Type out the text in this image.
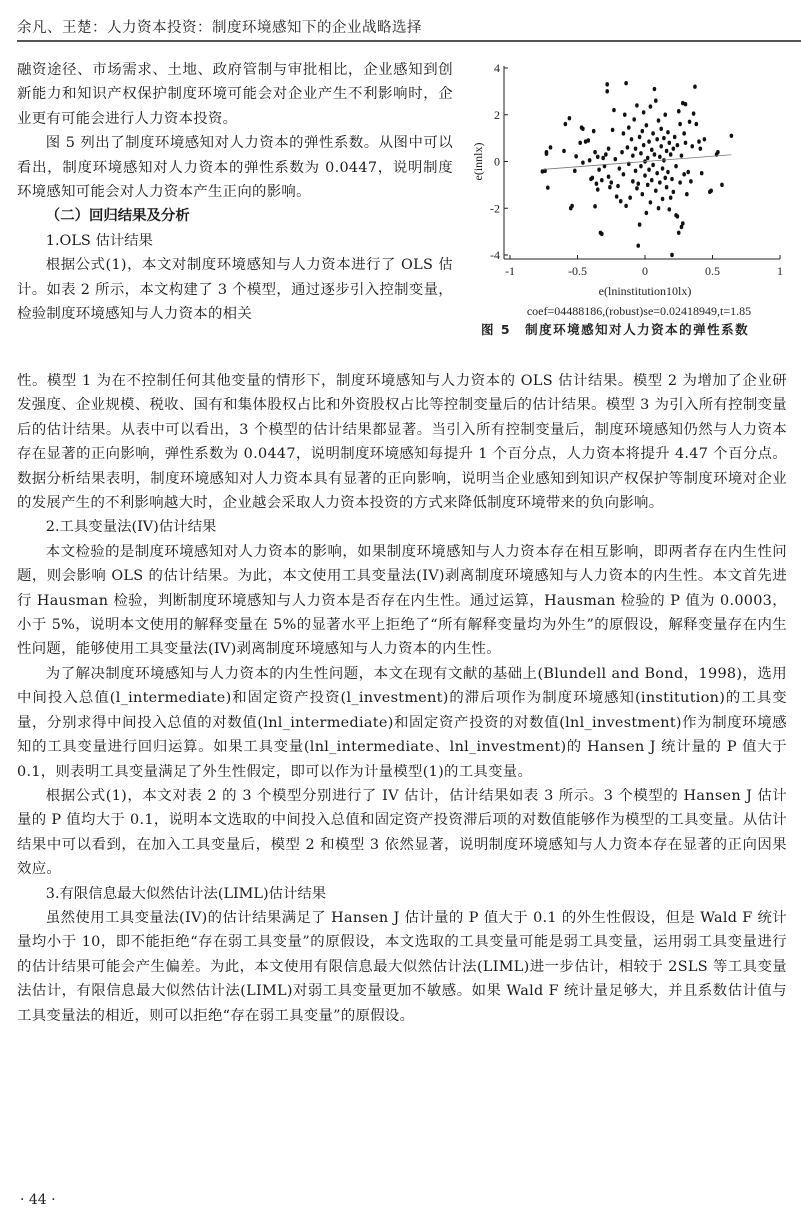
余凡、王楚：人力资本投资：制度环境感知下的企业战略选择

融资途径、市场需求、土地、政府管制与审批相比，企业感知到创新能力和知识产权保护制度环境可能会对企业产生不利影响时，企业更有可能会进行人力资本投资。

图 5 列出了制度环境感知对人力资本的弹性系数。从图中可以看出，制度环境感知对人力资本的弹性系数为 0.0447，说明制度环境感知可能会对人力资本产生正向的影响。

（二）回归结果及分析
1.OLS 估计结果

根据公式(1)，本文对制度环境感知与人力资本进行了 OLS 估计。如表 2 所示，本文构建了 3 个模型，通过逐步引入控制变量，检验制度环境感知与人力资本的相关

-4
-2
0
2
4
-1	-0.5	0	0.5	1
e(lninstitution10lx)
e(innlx)
coef=04488186,(robust)se=0.02418949,t=1.85
图 5 制度环境感知对人力资本的弹性系数

性。模型 1 为在不控制任何其他变量的情形下，制度环境感知与人力资本的 OLS 估计结果。模型 2 为增加了企业研发强度、企业规模、税收、国有和集体股权占比和外资股权占比等控制变量后的估计结果。模型 3 为引入所有控制变量后的估计结果。从表中可以看出，3 个模型的估计结果都显著。当引入所有控制变量后，制度环境感知仍然与人力资本存在显著的正向影响，弹性系数为 0.0447，说明制度环境感知每提升 1 个百分点，人力资本将提升 4.47 个百分点。数据分析结果表明，制度环境感知对人力资本具有显著的正向影响，说明当企业感知到知识产权保护等制度环境对企业的发展产生的不利影响越大时，企业越会采取人力资本投资的方式来降低制度环境带来的负向影响。

2.工具变量法(IV)估计结果

本文检验的是制度环境感知对人力资本的影响，如果制度环境感知与人力资本存在相互影响，即两者存在内生性问题，则会影响 OLS 的估计结果。为此，本文使用工具变量法(IV)剥离制度环境感知与人力资本的内生性。本文首先进行 Hausman 检验，判断制度环境感知与人力资本是否存在内生性。通过运算，Hausman 检验的 P 值为 0.0003，小于 5%，说明本文使用的解释变量在 5%的显著水平上拒绝了“所有解释变量均为外生”的原假设，解释变量存在内生性问题，能够使用工具变量法(IV)剥离制度环境感知与人力资本的内生性。

为了解决制度环境感知与人力资本的内生性问题，本文在现有文献的基础上(Blundell and Bond，1998)，选用中间投入总值(l_intermediate)和固定资产投资(l_investment)的滞后项作为制度环境感知(institution)的工具变量，分别求得中间投入总值的对数值(lnl_intermediate)和固定资产投资的对数值(lnl_investment)作为制度环境感知的工具变量进行回归运算。如果工具变量(lnl_intermediate、lnl_investment)的 Hansen J 统计量的 P 值大于 0.1，则表明工具变量满足了外生性假定，即可以作为计量模型(1)的工具变量。

根据公式(1)，本文对表 2 的 3 个模型分别进行了 IV 估计，估计结果如表 3 所示。3 个模型的 Hansen J 估计量的 P 值均大于 0.1，说明本文选取的中间投入总值和固定资产投资滞后项的对数值能够作为模型的工具变量。从估计结果中可以看到，在加入工具变量后，模型 2 和模型 3 依然显著，说明制度环境感知与人力资本存在显著的正向因果效应。

3.有限信息最大似然估计法(LIML)估计结果

虽然使用工具变量法(IV)的估计结果满足了 Hansen J 估计量的 P 值大于 0.1 的外生性假设，但是 Wald F 统计量均小于 10，即不能拒绝“存在弱工具变量”的原假设，本文选取的工具变量可能是弱工具变量，运用弱工具变量进行的估计结果可能会产生偏差。为此，本文使用有限信息最大似然估计法(LIML)进一步估计，相较于 2SLS 等工具变量法估计，有限信息最大似然估计法(LIML)对弱工具变量更加不敏感。如果 Wald F 统计量足够大，并且系数估计值与工具变量法的相近，则可以拒绝“存在弱工具变量”的原假设。

· 44 ·
